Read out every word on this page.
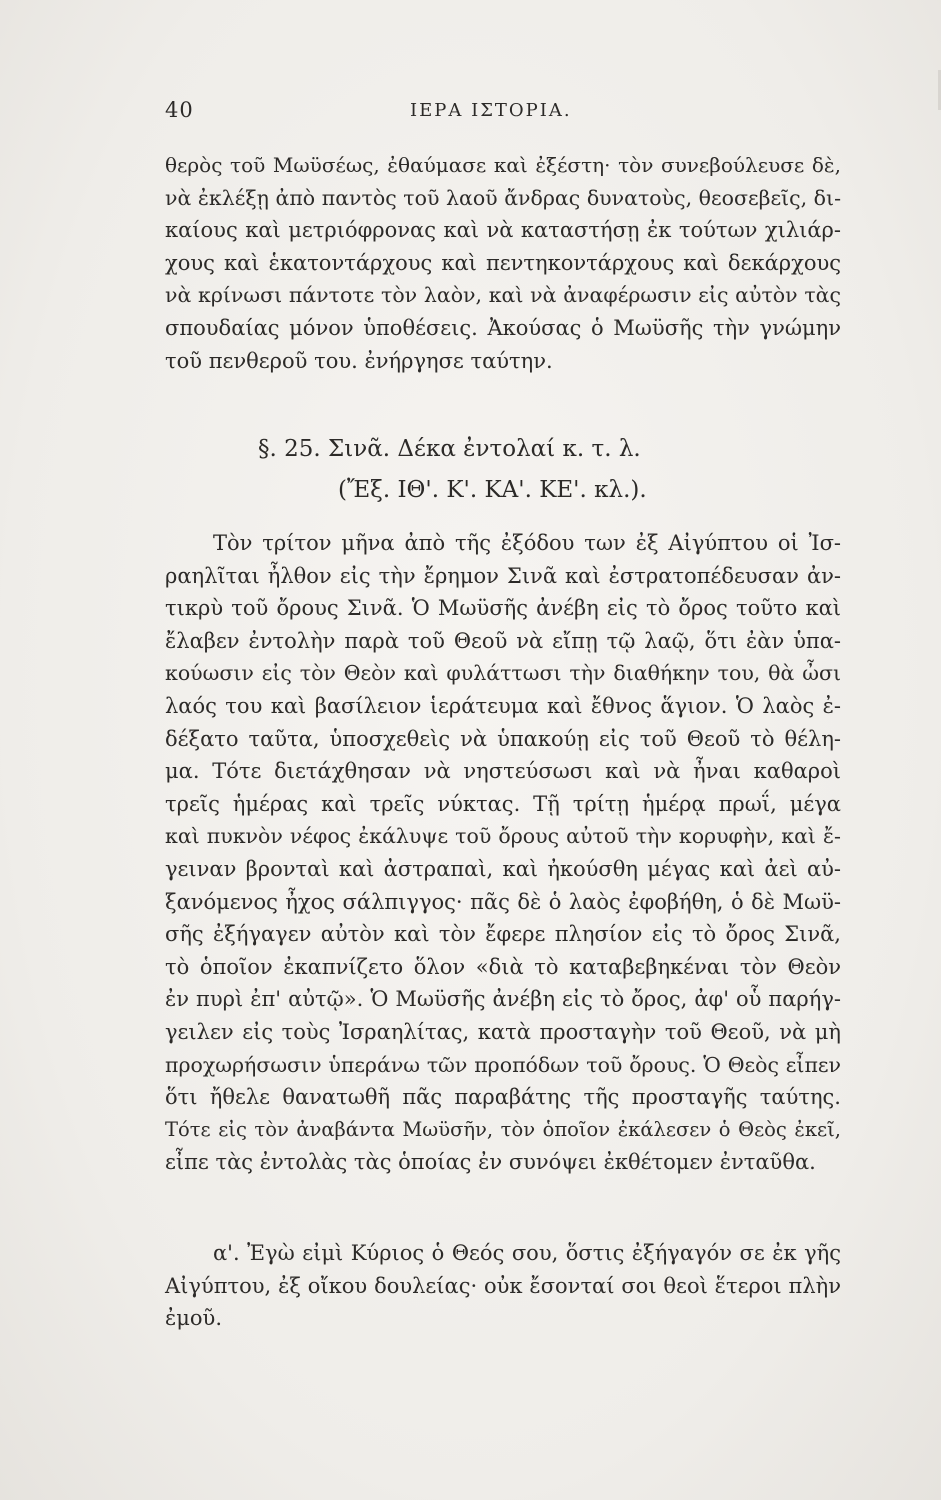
40	ΙΕΡΑ ΙΣΤΟΡΙΑ.
θερὸς τοῦ Μωϋσέως, ἐθαύμασε καὶ ἐξέστη· τὸν συνεβούλευσε δὲ,
νὰ ἐκλέξῃ ἀπὸ παντὸς τοῦ λαοῦ ἄνδρας δυνατοὺς, θεοσεβεῖς, δι-
καίους καὶ μετριόφρονας καὶ νὰ καταστήσῃ ἐκ τούτων χιλιάρ-
χους καὶ ἑκατοντάρχους καὶ πεντηκοντάρχους καὶ δεκάρχους
νὰ κρίνωσι πάντοτε τὸν λαὸν, καὶ νὰ ἀναφέρωσιν εἰς αὐτὸν τὰς
σπουδαίας μόνον ὑποθέσεις. Ἀκούσας ὁ Μωϋσῆς τὴν γνώμην
τοῦ πενθεροῦ του. ἐνήργησε ταύτην.
§. 25. Σινᾶ. Δέκα ἐντολαί κ. τ. λ.
(Ἔξ. ΙΘ'. Κ'. ΚΑ'. ΚΕ'. κλ.).
Τὸν τρίτον μῆνα ἀπὸ τῆς ἐξόδου των ἐξ Αἰγύπτου οἱ Ἰσ-
ραηλῖται ἦλθον εἰς τὴν ἔρημον Σινᾶ καὶ ἐστρατοπέδευσαν ἀν-
τικρὺ τοῦ ὄρους Σινᾶ. Ὁ Μωϋσῆς ἀνέβη εἰς τὸ ὄρος τοῦτο καὶ
ἔλαβεν ἐντολὴν παρὰ τοῦ Θεοῦ νὰ εἴπῃ τῷ λαῷ, ὅτι ἐὰν ὑπα-
κούωσιν εἰς τὸν Θεὸν καὶ φυλάττωσι τὴν διαθήκην του, θὰ ὦσι
λαός του καὶ βασίλειον ἱεράτευμα καὶ ἔθνος ἅγιον. Ὁ λαὸς ἐ-
δέξατο ταῦτα, ὑποσχεθεὶς νὰ ὑπακούῃ εἰς τοῦ Θεοῦ τὸ θέλη-
μα. Τότε διετάχθησαν νὰ νηστεύσωσι καὶ νὰ ἦναι καθαροὶ
τρεῖς ἡμέρας καὶ τρεῖς νύκτας. Τῇ τρίτῃ ἡμέρᾳ πρωΐ, μέγα
καὶ πυκνὸν νέφος ἐκάλυψε τοῦ ὄρους αὐτοῦ τὴν κορυφὴν, καὶ ἔ-
γειναν βρονταὶ καὶ ἀστραπαὶ, καὶ ἠκούσθη μέγας καὶ ἀεὶ αὐ-
ξανόμενος ἦχος σάλπιγγος· πᾶς δὲ ὁ λαὸς ἐφοβήθη, ὁ δὲ Μωϋ-
σῆς ἐξήγαγεν αὐτὸν καὶ τὸν ἔφερε πλησίον εἰς τὸ ὄρος Σινᾶ,
τὸ ὁποῖον ἐκαπνίζετο ὅλον «διὰ τὸ καταβεβηκέναι τὸν Θεὸν
ἐν πυρὶ ἐπ' αὐτῷ». Ὁ Μωϋσῆς ἀνέβη εἰς τὸ ὄρος, ἀφ' οὗ παρήγ-
γειλεν εἰς τοὺς Ἰσραηλίτας, κατὰ προσταγὴν τοῦ Θεοῦ, νὰ μὴ
προχωρήσωσιν ὑπεράνω τῶν προπόδων τοῦ ὄρους. Ὁ Θεὸς εἶπεν
ὅτι ἤθελε θανατωθῆ πᾶς παραβάτης τῆς προσταγῆς ταύτης.
Τότε εἰς τὸν ἀναβάντα Μωϋσῆν, τὸν ὁποῖον ἐκάλεσεν ὁ Θεὸς ἐκεῖ,
εἶπε τὰς ἐντολὰς τὰς ὁποίας ἐν συνόψει ἐκθέτομεν ἐνταῦθα.
α'. Ἐγὼ εἰμὶ Κύριος ὁ Θεός σου, ὅστις ἐξήγαγόν σε ἐκ γῆς
Αἰγύπτου, ἐξ οἴκου δουλείας· οὐκ ἔσονταί σοι θεοὶ ἕτεροι πλὴν
ἐμοῦ.
